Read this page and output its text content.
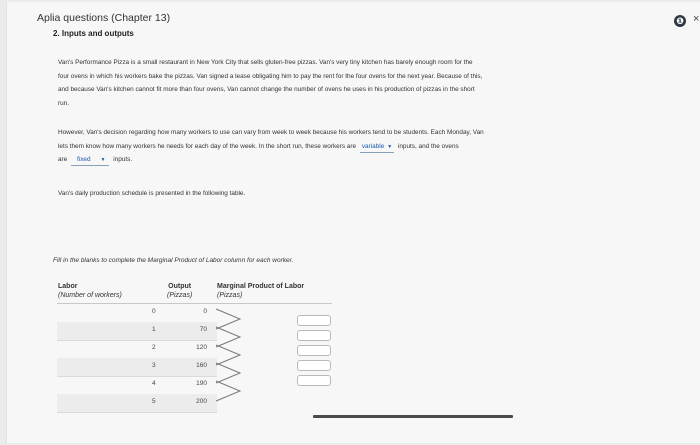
Aplia questions (Chapter 13)	❶ ×
2. Inputs and outputs
Van's Performance Pizza is a small restaurant in New York City that sells gluten-free pizzas. Van's very tiny kitchen has barely enough room for the
four ovens in which his workers bake the pizzas. Van signed a lease obligating him to pay the rent for the four ovens for the next year. Because of this,
and because Van's kitchen cannot fit more than four ovens, Van cannot change the number of ovens he uses in his production of pizzas in the short
run.
However, Van's decision regarding how many workers to use can vary from week to week because his workers tend to be students. Each Monday, Van
lets them know how many workers he needs for each day of the week. In the short run, these workers are variable ▼ inputs, and the ovens
are fixed ▼ inputs.
Van's daily production schedule is presented in the following table.
Fill in the blanks to complete the Marginal Product of Labor column for each worker.
Labor
(Number of workers)
Output
(Pizzas)
Marginal Product of Labor
(Pizzas)
0	0
1	70
2	120
3	160
4	190
5	200
